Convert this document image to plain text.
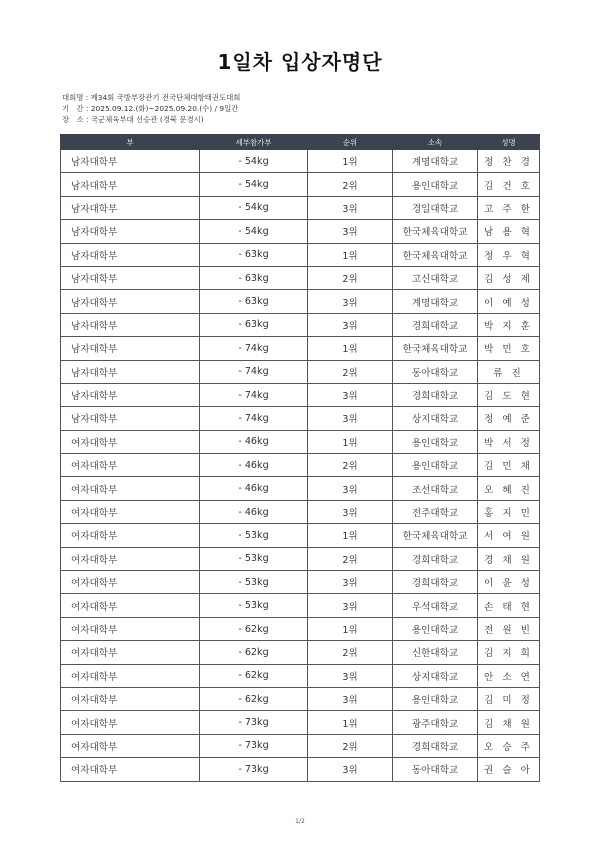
1일차 입상자명단
대회명 : 제34회 국방부장관기 전국단체대항태권도대회
기　간 : 2025.09.12.(화)~2025.09.20.(수) / 9일간
장　소 : 국군체육부대 선승관 (경북 문경시)
부	세부참가부	순위	소속	성명
남자대학부	- 54kg	1위	계명대학교	정 찬 경
남자대학부	- 54kg	2위	용인대학교	김 건 호
남자대학부	- 54kg	3위	경일대학교	고 주 한
남자대학부	- 54kg	3위	한국체육대학교	남 용 혁
남자대학부	- 63kg	1위	한국체육대학교	정 우 혁
남자대학부	- 63kg	2위	고신대학교	김 성 제
남자대학부	- 63kg	3위	계명대학교	이 예 성
남자대학부	- 63kg	3위	경희대학교	박 지 훈
남자대학부	- 74kg	1위	한국체육대학교	박 민 호
남자대학부	- 74kg	2위	동아대학교	류 진
남자대학부	- 74kg	3위	경희대학교	김 도 현
남자대학부	- 74kg	3위	상지대학교	정 예 준
여자대학부	- 46kg	1위	용인대학교	박 서 정
여자대학부	- 46kg	2위	용인대학교	김 민 채
여자대학부	- 46kg	3위	조선대학교	오 혜 진
여자대학부	- 46kg	3위	전주대학교	홍 지 민
여자대학부	- 53kg	1위	한국체육대학교	서 여 원
여자대학부	- 53kg	2위	경희대학교	경 채 원
여자대학부	- 53kg	3위	경희대학교	이 윤 성
여자대학부	- 53kg	3위	우석대학교	손 태 현
여자대학부	- 62kg	1위	용인대학교	전 원 빈
여자대학부	- 62kg	2위	신한대학교	김 지 희
여자대학부	- 62kg	3위	상지대학교	안 소 연
여자대학부	- 62kg	3위	용인대학교	김 미 정
여자대학부	- 73kg	1위	광주대학교	김 채 원
여자대학부	- 73kg	2위	경희대학교	오 승 주
여자대학부	- 73kg	3위	동아대학교	권 슬 아
1/2
